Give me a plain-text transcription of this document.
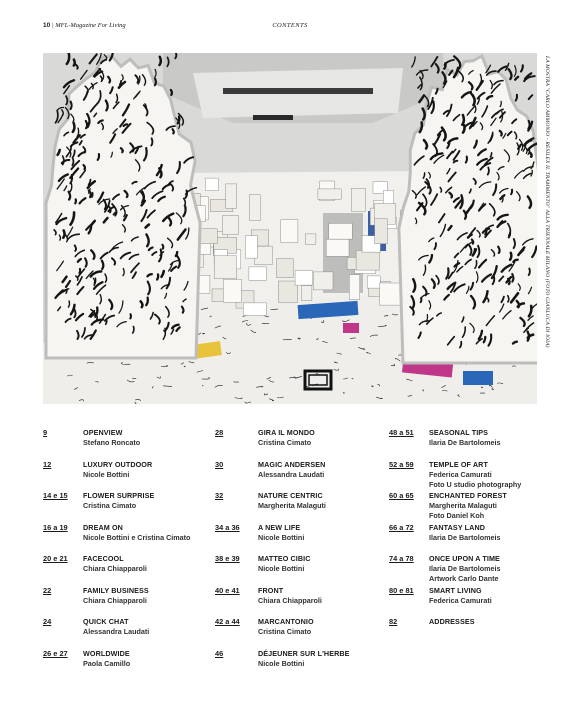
10 | MFL-Magazine For Living	CONTENTS
LA MOSTRA "CARLO AMMONIO - RESILEX IL TRAMMENTO" ALLA TRIENNALE MILANO (FOTO GIANLUCA DI IOIA)
9	OPENVIEW
Stefano Roncato
12	LUXURY OUTDOOR
Nicole Bottini
14 e 15 FLOWER SURPRISE
Cristina Cimato
16 a 19 DREAM ON
Nicole Bottini e Cristina Cimato
20 e 21 FACECOOL
Chiara Chiapparoli
22	FAMILY BUSINESS
Chiara Chiapparoli
24	QUICK CHAT
Alessandra Laudati
26 e 27 WORLDWIDE
Paola Camillo
28	GIRA IL MONDO
Cristina Cimato
30	MAGIC ANDERSEN
Alessandra Laudati
32	NATURE CENTRIC
Margherita Malaguti
34 a 36	A NEW LIFE
Nicole Bottini
38 e 39	MATTEO CIBIC
Nicole Bottini
40 e 41	FRONT
Chiara Chiapparoli
42 a 44	MARCANTONIO
Cristina Cimato
46	DÉJEUNER SUR L'HERBE
Nicole Bottini
48 a 51 SEASONAL TIPS
Ilaria De Bartolomeis
52 a 59 TEMPLE OF ART
Federica Camurati
Foto U studio photography
60 a 65 ENCHANTED FOREST
Margherita Malaguti
Foto Daniel Koh
66 a 72 FANTASY LAND
Ilaria De Bartolomeis
74 a 78 ONCE UPON A TIME
Ilaria De Bartolomeis
Artwork Carlo Dante
80 e 81 SMART LIVING
Federica Camurati
82	ADDRESSES
